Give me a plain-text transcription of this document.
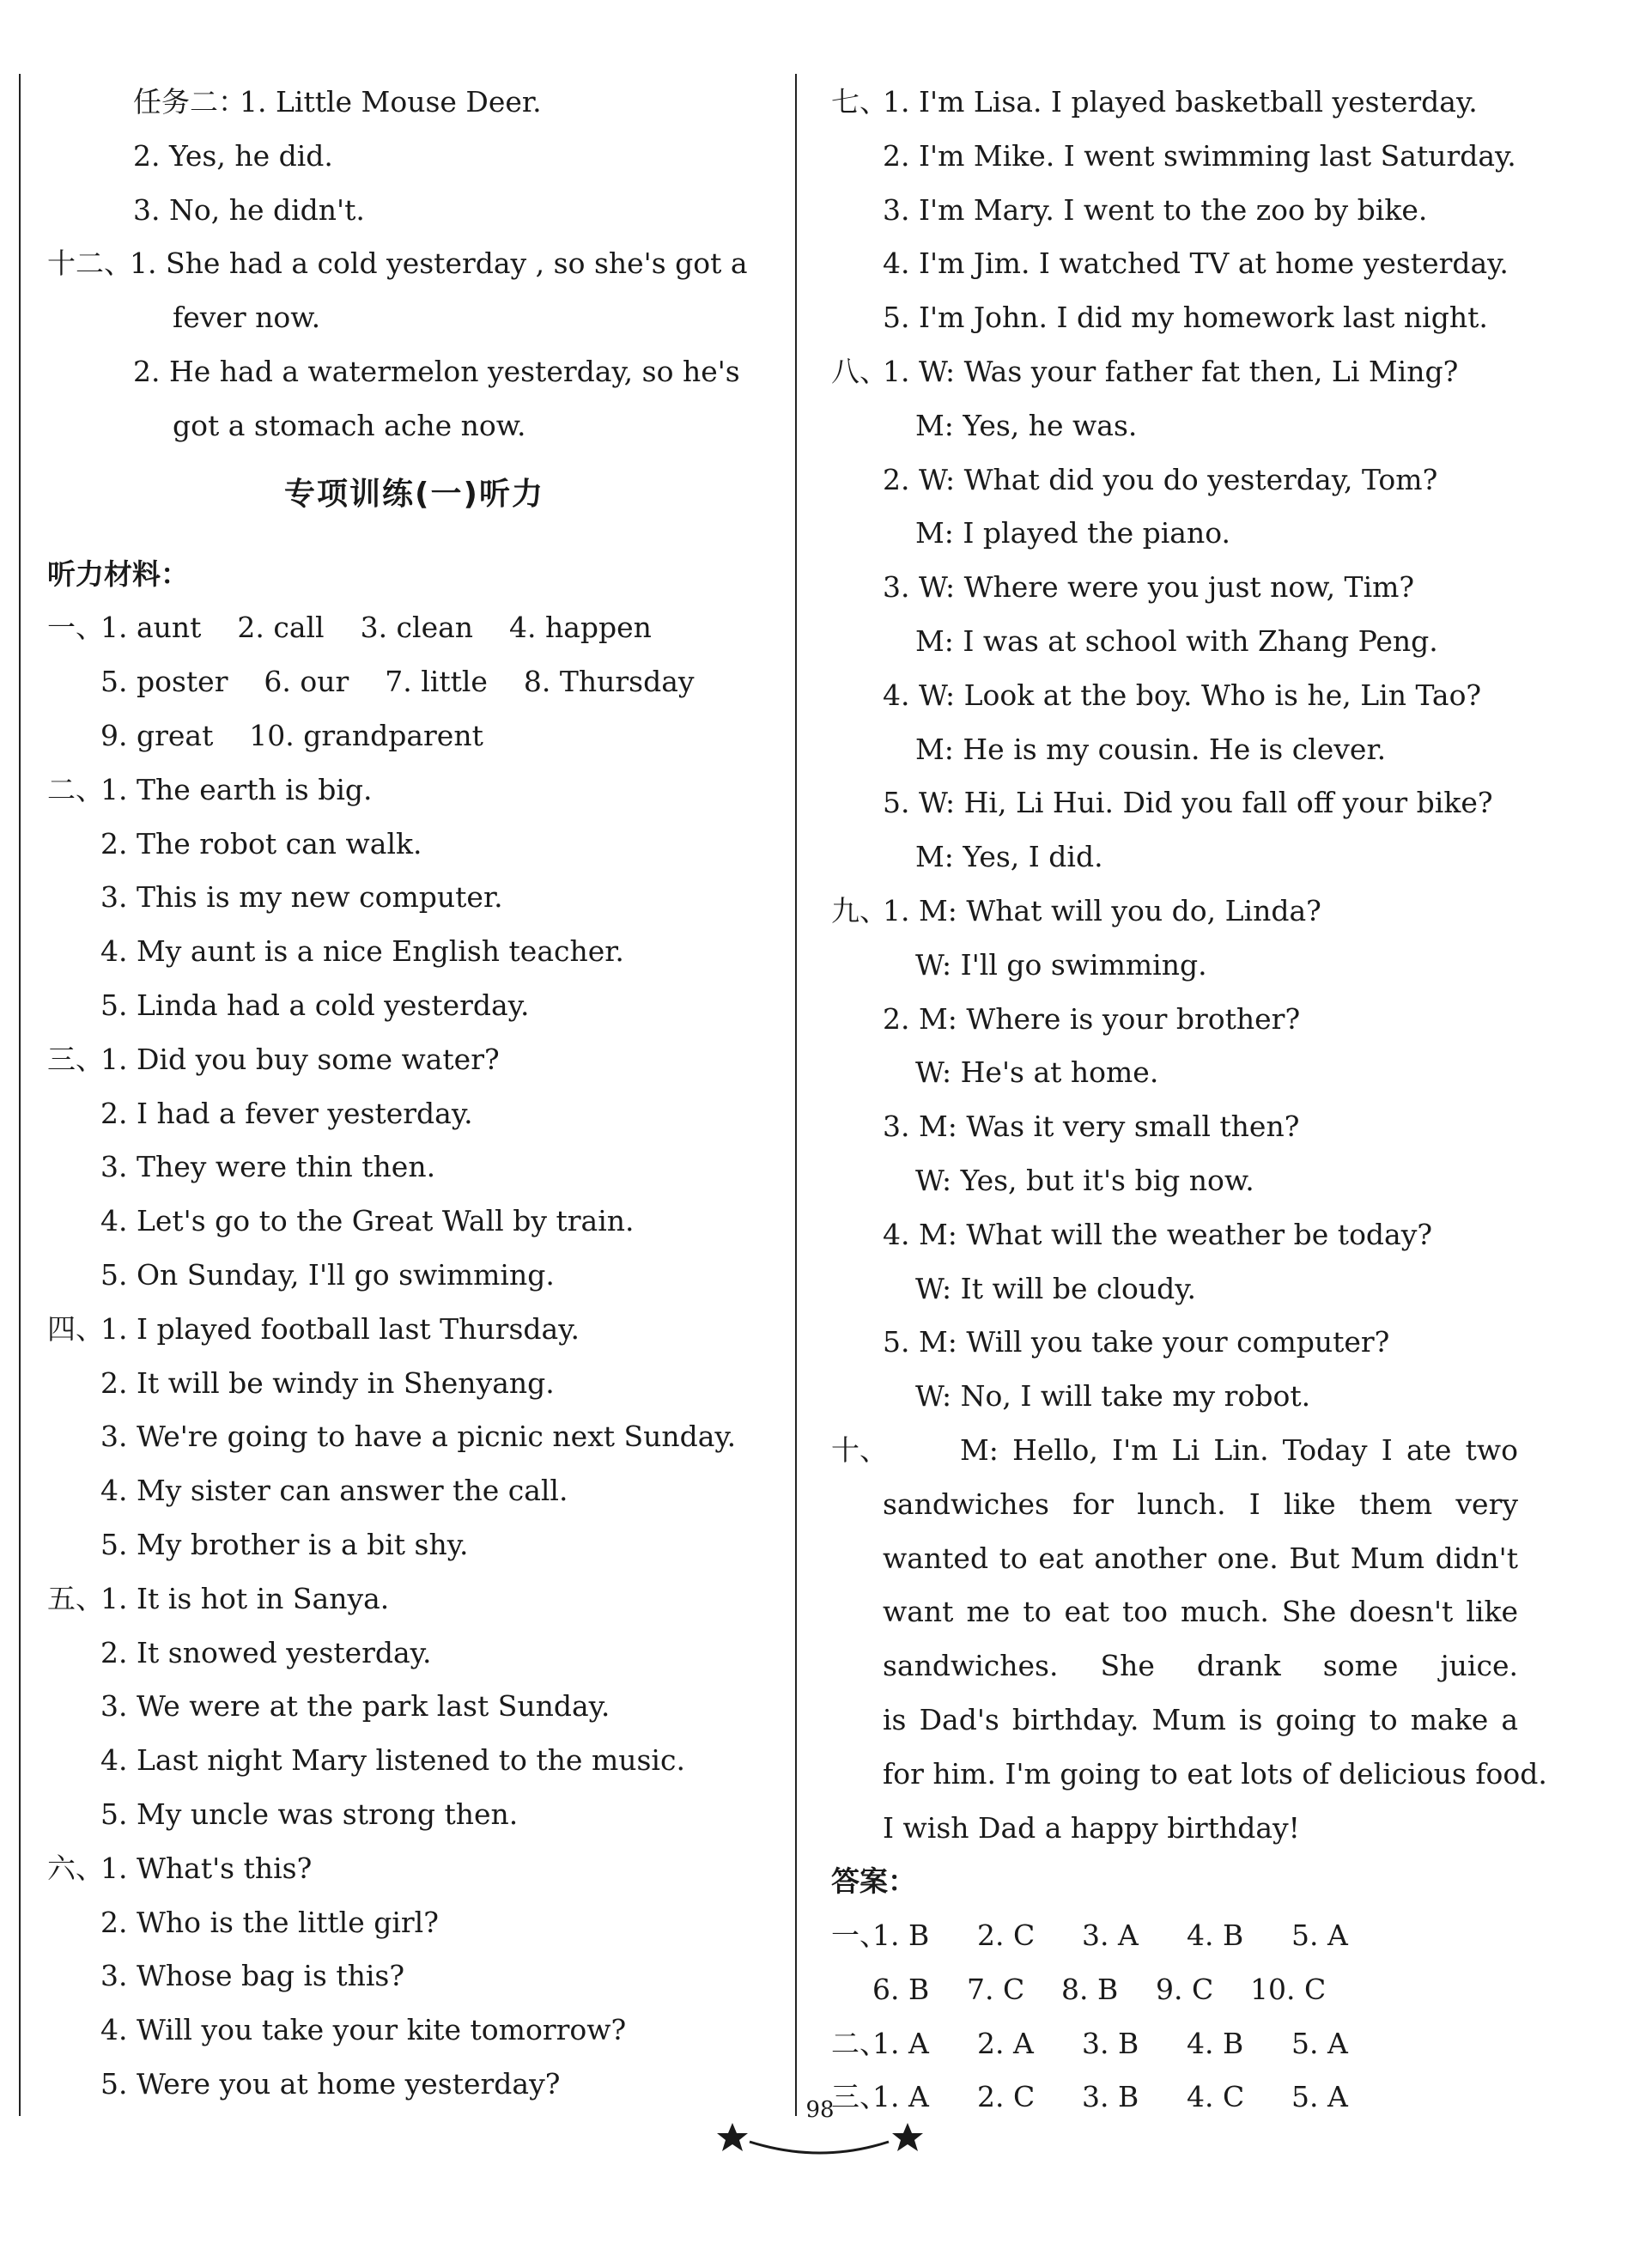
任务二：
1. Little Mouse Deer.
2. Yes, he did.
3. No, he didn't.
十二、
1. She had a cold yesterday , so she's got a
fever now.
2. He had a watermelon yesterday, so he's
got a stomach ache now.
专项训练(一)听力
听力材料：
一、
1. aunt    2. call    3. clean    4. happen
5. poster    6. our    7. little    8. Thursday
9. great    10. grandparent
二、
1. The earth is big.
2. The robot can walk.
3. This is my new computer.
4. My aunt is a nice English teacher.
5. Linda had a cold yesterday.
三、
1. Did you buy some water?
2. I had a fever yesterday.
3. They were thin then.
4. Let's go to the Great Wall by train.
5. On Sunday, I'll go swimming.
四、
1. I played football last Thursday.
2. It will be windy in Shenyang.
3. We're going to have a picnic next Sunday.
4. My sister can answer the call.
5. My brother is a bit shy.
五、
1. It is hot in Sanya.
2. It snowed yesterday.
3. We were at the park last Sunday.
4. Last night Mary listened to the music.
5. My uncle was strong then.
六、
1. What's this?
2. Who is the little girl?
3. Whose bag is this?
4. Will you take your kite tomorrow?
5. Were you at home yesterday?
七、
1. I'm Lisa. I played basketball yesterday.
2. I'm Mike. I went swimming last Saturday.
3. I'm Mary. I went to the zoo by bike.
4. I'm Jim. I watched TV at home yesterday.
5. I'm John. I did my homework last night.
八、
1. W: Was your father fat then, Li Ming?
M: Yes, he was.
2. W: What did you do yesterday, Tom?
M: I played the piano.
3. W: Where were you just now, Tim?
M: I was at school with Zhang Peng.
4. W: Look at the boy. Who is he, Lin Tao?
M: He is my cousin. He is clever.
5. W: Hi, Li Hui. Did you fall off your bike?
M: Yes, I did.
九、
1. M: What will you do, Linda?
W: I'll go swimming.
2. M: Where is your brother?
W: He's at home.
3. M: Was it very small then?
W: Yes, but it's big now.
4. M: What will the weather be today?
W: It will be cloudy.
5. M: Will you take your computer?
W: No, I will take my robot.
十、	M: Hello, I'm Li Lin. Today I ate two
sandwiches for lunch. I like them very
wanted to eat another one. But Mum didn't
want me to eat too much. She doesn't like
sandwiches. She drank some juice.
is Dad's birthday. Mum is going to make a
for him. I'm going to eat lots of delicious food.
I wish Dad a happy birthday!
答案：
一、
1. B 2. C 3. A 4. B 5. A
6. B 7. C 8. B 9. C 10. C
二、
1. A 2. A 3. B 4. B 5. A
三、
1. A 2. C 3. B 4. C 5. A
98
